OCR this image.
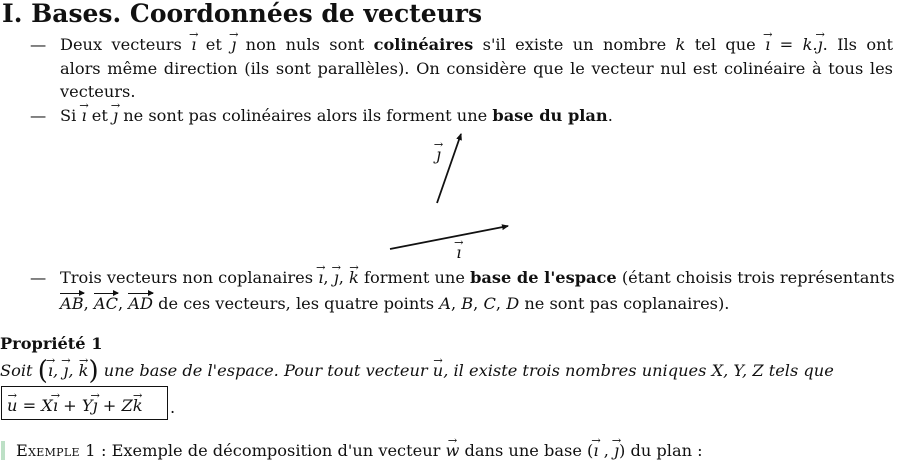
I. Bases. Coordonnées de vecteurs
— Deux vecteurs → ı et → ȷ non nuls sont colinéaires s'il existe un nombre k tel que → ı = k.→ ȷ. Ils ont
alors même direction (ils sont parallèles). On considère que le vecteur nul est colinéaire à tous les
vecteurs.
— Si → ı et → ȷ ne sont pas colinéaires alors ils forment une base du plan.
→ ȷ → ı
— Trois vecteurs non coplanaires → ı, → ȷ, → k forment une base de l'espace (étant choisis trois représentants
AB, AC, AD de ces vecteurs, les quatre points A, B, C, D ne sont pas coplanaires).
Propriété 1
Soit (→ ı, → ȷ, → k) une base de l'espace. Pour tout vecteur → u, il existe trois nombres uniques X, Y, Z tels que
→ u = X→ ı + Y→ ȷ + Z→ k .
Exemple 1 : Exemple de décomposition d'un vecteur → w dans une base (→ ı , → ȷ) du plan :
